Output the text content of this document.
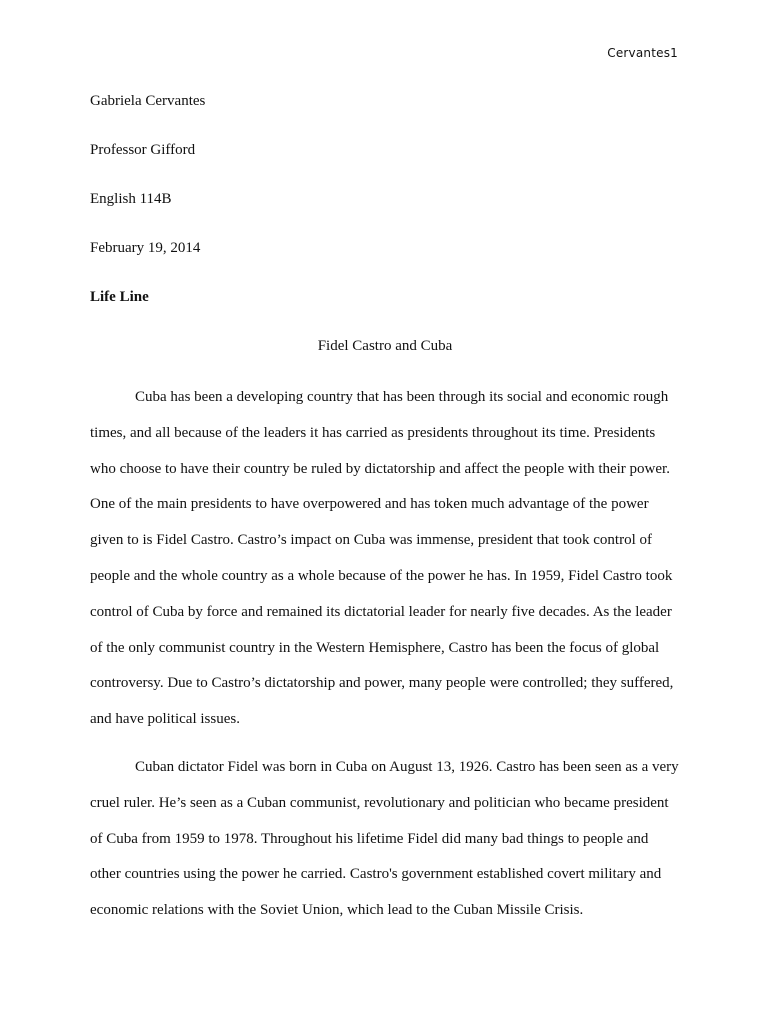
Cervantes1
Gabriela Cervantes
Professor Gifford
English 114B
February 19, 2014
Life Line
Fidel Castro and Cuba

Cuba has been a developing country that has been through its social and economic rough times, and all because of the leaders it has carried as presidents throughout its time. Presidents who choose to have their country be ruled by dictatorship and affect the people with their power. One of the main presidents to have overpowered and has token much advantage of the power given to is Fidel Castro. Castro’s impact on Cuba was immense, president that took control of people and the whole country as a whole because of the power he has. In 1959, Fidel Castro took control of Cuba by force and remained its dictatorial leader for nearly five decades. As the leader of the only communist country in the Western Hemisphere, Castro has been the focus of global controversy. Due to Castro’s dictatorship and power, many people were controlled; they suffered, and have political issues.

Cuban dictator Fidel was born in Cuba on August 13, 1926. Castro has been seen as a very cruel ruler. He’s seen as a Cuban communist, revolutionary and politician who became president of Cuba from 1959 to 1978. Throughout his lifetime Fidel did many bad things to people and other countries using the power he carried. Castro's government established covert military and economic relations with the Soviet Union, which lead to the Cuban Missile Crisis.
